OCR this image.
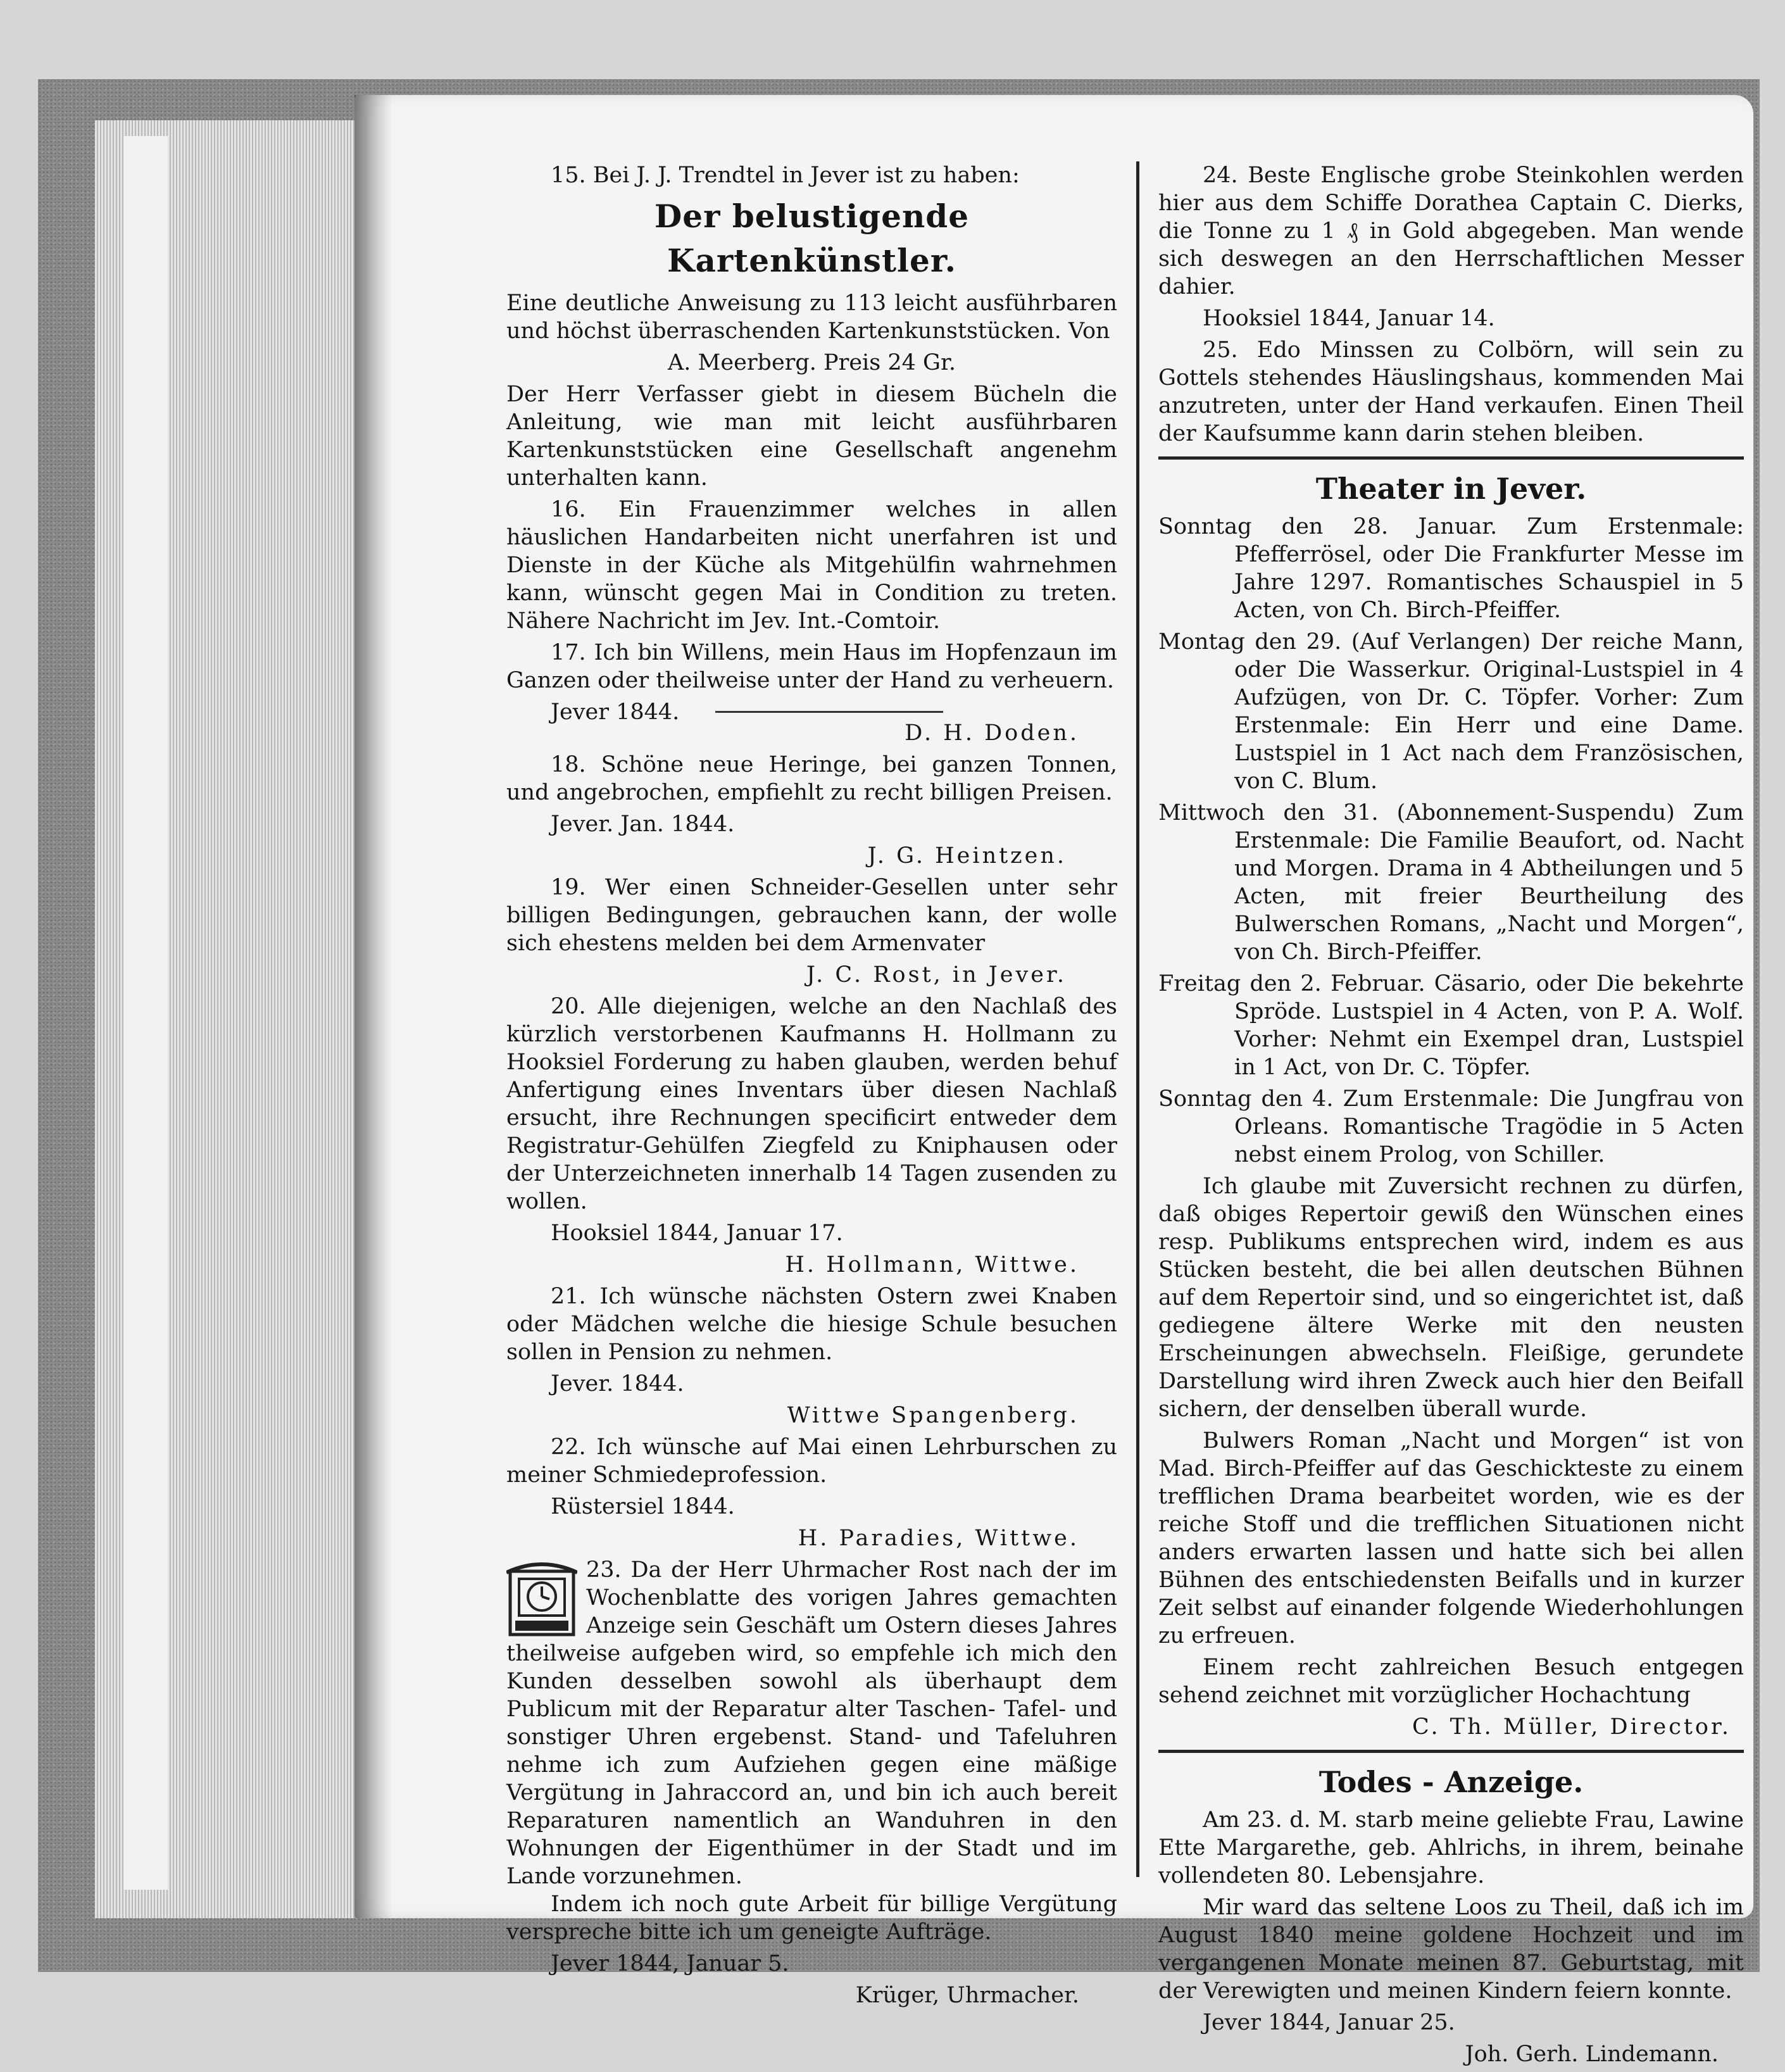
15. Bei J. J. Trendtel in Jever ist zu haben:

Der belustigende Kartenkünstler.

Eine deutliche Anweisung zu 113 leicht ausführbaren und höchst überraschenden Kartenkunststücken. Von

A. Meerberg. Preis 24 Gr.

Der Herr Verfasser giebt in diesem Bücheln die Anleitung, wie man mit leicht ausführbaren Kartenkunststücken eine Gesellschaft angenehm unterhalten kann.

16. Ein Frauenzimmer welches in allen häuslichen Handarbeiten nicht unerfahren ist und Dienste in der Küche als Mitgehülfin wahrnehmen kann, wünscht gegen Mai in Condition zu treten. Nähere Nachricht im Jev. Int.-Comtoir.

17. Ich bin Willens, mein Haus im Hopfenzaun im Ganzen oder theilweise unter der Hand zu verheuern.

Jever 1844.

D. H. Doden.

18. Schöne neue Heringe, bei ganzen Tonnen, und angebrochen, empfiehlt zu recht billigen Preisen.

Jever. Jan. 1844.

J. G. Heintzen.

19. Wer einen Schneider-Gesellen unter sehr billigen Bedingungen, gebrauchen kann, der wolle sich ehestens melden bei dem Armenvater

J. C. Rost, in Jever.

20. Alle diejenigen, welche an den Nachlaß des kürzlich verstorbenen Kaufmanns H. Hollmann zu Hooksiel Forderung zu haben glauben, werden behuf Anfertigung eines Inventars über diesen Nachlaß ersucht, ihre Rechnungen specificirt entweder dem Registratur-Gehülfen Ziegfeld zu Kniphausen oder der Unterzeichneten innerhalb 14 Tagen zusenden zu wollen.

Hooksiel 1844, Januar 17.

H. Hollmann, Wittwe.

21. Ich wünsche nächsten Ostern zwei Knaben oder Mädchen welche die hiesige Schule besuchen sollen in Pension zu nehmen.

Jever. 1844.

Wittwe Spangenberg.

22. Ich wünsche auf Mai einen Lehrburschen zu meiner Schmiedeprofession.

Rüstersiel 1844.

H. Paradies, Wittwe.

23. Da der Herr Uhrmacher Rost nach der im Wochenblatte des vorigen Jahres gemachten Anzeige sein Geschäft um Ostern dieses Jahres theilweise aufgeben wird, so empfehle ich mich den Kunden desselben sowohl als überhaupt dem Publicum mit der Reparatur alter Taschen- Tafel- und sonstiger Uhren ergebenst. Stand- und Tafeluhren nehme ich zum Aufziehen gegen eine mäßige Vergütung in Jahraccord an, und bin ich auch bereit Reparaturen namentlich an Wanduhren in den Wohnungen der Eigenthümer in der Stadt und im Lande vorzunehmen.

Indem ich noch gute Arbeit für billige Vergütung verspreche bitte ich um geneigte Aufträge.

Jever 1844, Januar 5.

Krüger, Uhrmacher.

24. Beste Englische grobe Steinkohlen werden hier aus dem Schiffe Dorathea Captain C. Dierks, die Tonne zu 1 ₰ in Gold abgegeben. Man wende sich deswegen an den Herrschaftlichen Messer dahier.

Hooksiel 1844, Januar 14.

25. Edo Minssen zu Colbörn, will sein zu Gottels stehendes Häuslingshaus, kommenden Mai anzutreten, unter der Hand verkaufen. Einen Theil der Kaufsumme kann darin stehen bleiben.

Theater in Jever.

Sonntag den 28. Januar. Zum Erstenmale: Pfefferrösel, oder Die Frankfurter Messe im Jahre 1297. Romantisches Schauspiel in 5 Acten, von Ch. Birch-Pfeiffer.

Montag den 29. (Auf Verlangen) Der reiche Mann, oder Die Wasserkur. Original-Lustspiel in 4 Aufzügen, von Dr. C. Töpfer. Vorher: Zum Erstenmale: Ein Herr und eine Dame. Lustspiel in 1 Act nach dem Französischen, von C. Blum.

Mittwoch den 31. (Abonnement-Suspendu) Zum Erstenmale: Die Familie Beaufort, od. Nacht und Morgen. Drama in 4 Abtheilungen und 5 Acten, mit freier Beurtheilung des Bulwerschen Romans, „Nacht und Morgen“, von Ch. Birch-Pfeiffer.

Freitag den 2. Februar. Cäsario, oder Die bekehrte Spröde. Lustspiel in 4 Acten, von P. A. Wolf. Vorher: Nehmt ein Exempel dran, Lustspiel in 1 Act, von Dr. C. Töpfer.

Sonntag den 4. Zum Erstenmale: Die Jungfrau von Orleans. Romantische Tragödie in 5 Acten nebst einem Prolog, von Schiller.

Ich glaube mit Zuversicht rechnen zu dürfen, daß obiges Repertoir gewiß den Wünschen eines resp. Publikums entsprechen wird, indem es aus Stücken besteht, die bei allen deutschen Bühnen auf dem Repertoir sind, und so eingerichtet ist, daß gediegene ältere Werke mit den neusten Erscheinungen abwechseln. Fleißige, gerundete Darstellung wird ihren Zweck auch hier den Beifall sichern, der denselben überall wurde.

Bulwers Roman „Nacht und Morgen“ ist von Mad. Birch-Pfeiffer auf das Geschickteste zu einem trefflichen Drama bearbeitet worden, wie es der reiche Stoff und die trefflichen Situationen nicht anders erwarten lassen und hatte sich bei allen Bühnen des entschiedensten Beifalls und in kurzer Zeit selbst auf einander folgende Wiederhohlungen zu erfreuen.

Einem recht zahlreichen Besuch entgegen sehend zeichnet mit vorzüglicher Hochachtung

C. Th. Müller, Director.

Todes - Anzeige.

Am 23. d. M. starb meine geliebte Frau, Lawine Ette Margarethe, geb. Ahlrichs, in ihrem, beinahe vollendeten 80. Lebensjahre.

Mir ward das seltene Loos zu Theil, daß ich im August 1840 meine goldene Hochzeit und im vergangenen Monate meinen 87. Geburtstag, mit der Verewigten und meinen Kindern feiern konnte.

Jever 1844, Januar 25.

Joh. Gerh. Lindemann.
